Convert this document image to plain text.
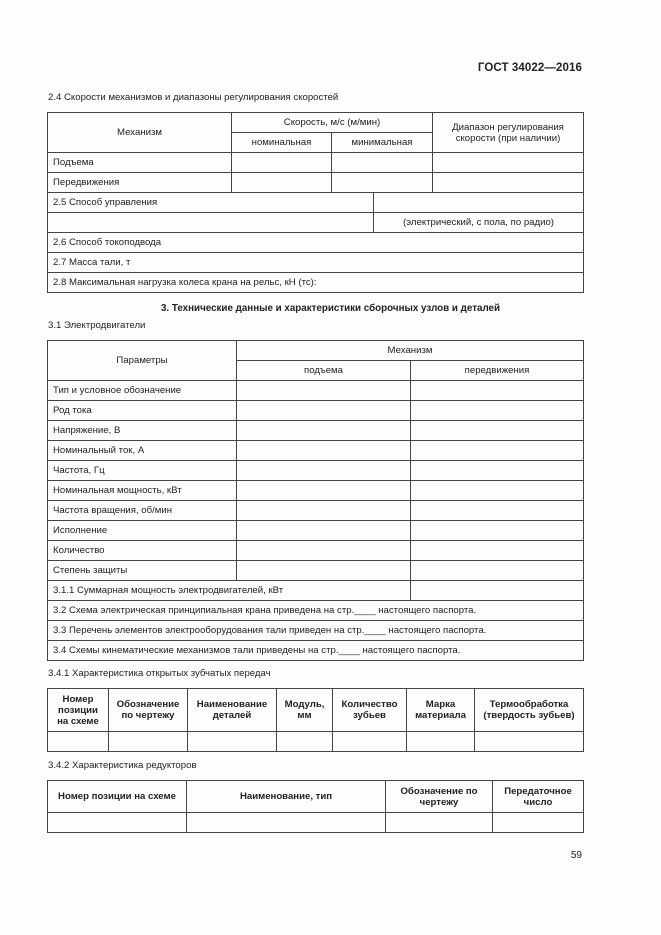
ГОСТ 34022—2016
2.4 Скорости механизмов и диапазоны регулирования скоростей
Механизм	Скорость, м/с (м/мин)			Диапазон регулирования скорости (при наличии)
	номинальная	минимальная		
Подъема				
Передвижения				
2.5 Способ управления				
			(электрический, с пола, по радио)	
2.6 Способ токоподвода				
2.7 Масса тали, т				
2.8 Максимальная нагрузка колеса крана на рельс, кН (тс):				
3. Технические данные и характеристики сборочных узлов и деталей
3.1 Электродвигатели
Параметры	Механизм	
	подъема	передвижения
Тип и условное обозначение		
Род тока		
Напряжение, В		
Номинальный ток, А		
Частота, Гц		
Номинальная мощность, кВт		
Частота вращения, об/мин		
Исполнение		
Количество		
Степень защиты		
3.1.1 Суммарная мощность электродвигателей, кВт		
3.2 Схема электрическая принципиальная крана приведена на стр.____ настоящего паспорта.		
3.3 Перечень элементов электрооборудования тали приведен на стр.____ настоящего паспорта.		
3.4 Схемы кинематические механизмов тали приведены на стр.____ настоящего паспорта.		
3.4.1 Характеристика открытых зубчатых передач
Номер позиции на схеме	Обозначение по чертежу	Наименование деталей	Модуль, мм	Количество зубьев	Марка материала	Термообработка (твердость зубьев)

3.4.2 Характеристика редукторов
Номер позиции на схеме	Наименование, тип	Обозначение по чертежу	Передаточное число

59
